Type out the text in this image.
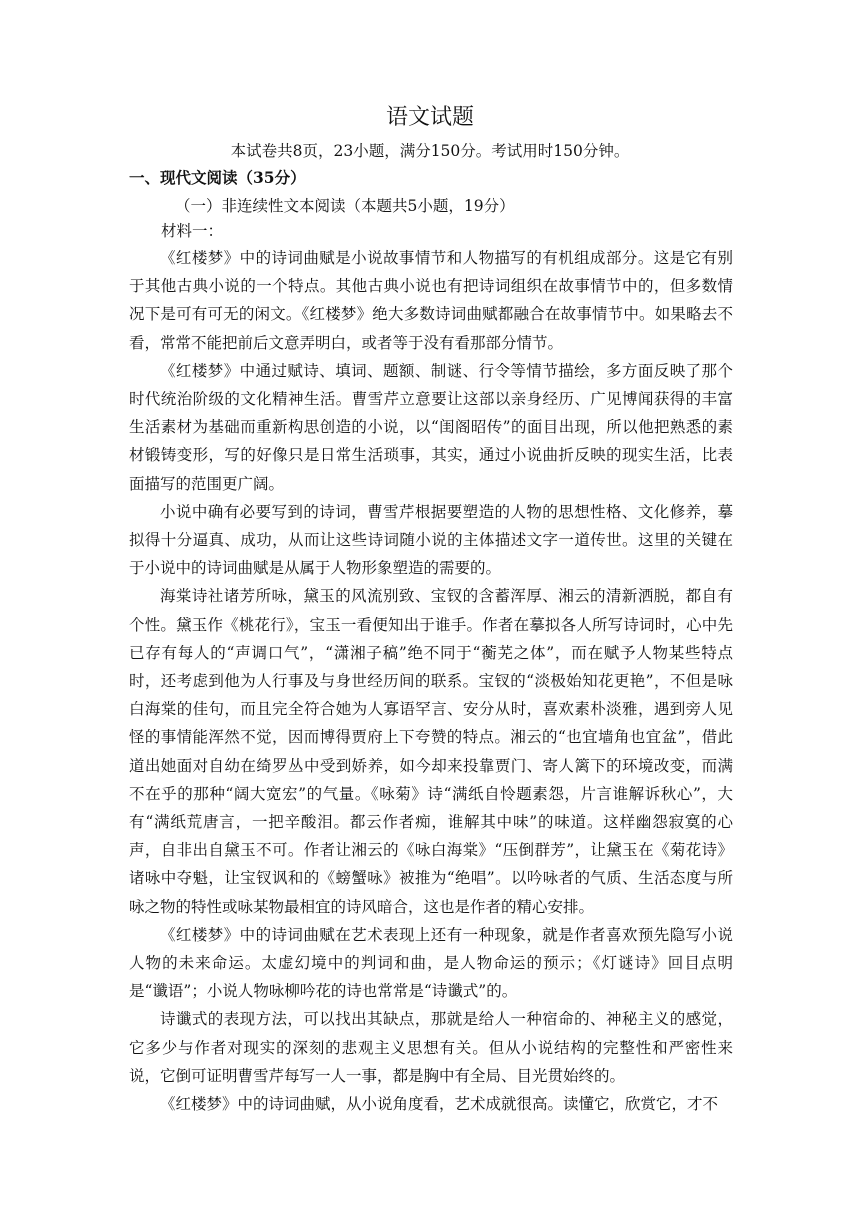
语文试题
本试卷共8页，23小题，满分150分。考试用时150分钟。
一、现代文阅读（35分）
（一）非连续性文本阅读（本题共5小题，19分）
材料一：

《红楼梦》中的诗词曲赋是小说故事情节和人物描写的有机组成部分。这是它有别于其他古典小说的一个特点。其他古典小说也有把诗词组织在故事情节中的，但多数情况下是可有可无的闲文。《红楼梦》绝大多数诗词曲赋都融合在故事情节中。如果略去不看，常常不能把前后文意弄明白，或者等于没有看那部分情节。

《红楼梦》中通过赋诗、填词、题额、制谜、行令等情节描绘，多方面反映了那个时代统治阶级的文化精神生活。曹雪芹立意要让这部以亲身经历、广见博闻获得的丰富生活素材为基础而重新构思创造的小说，以“闺阁昭传”的面目出现，所以他把熟悉的素材锻铸变形，写的好像只是日常生活琐事，其实，通过小说曲折反映的现实生活，比表面描写的范围更广阔。

小说中确有必要写到的诗词，曹雪芹根据要塑造的人物的思想性格、文化修养，摹拟得十分逼真、成功，从而让这些诗词随小说的主体描述文字一道传世。这里的关键在于小说中的诗词曲赋是从属于人物形象塑造的需要的。

海棠诗社诸芳所咏，黛玉的风流别致、宝钗的含蓄浑厚、湘云的清新洒脱，都自有个性。黛玉作《桃花行》，宝玉一看便知出于谁手。作者在摹拟各人所写诗词时，心中先已存有每人的“声调口气”，“潇湘子稿”绝不同于“蘅芜之体”，而在赋予人物某些特点时，还考虑到他为人行事及与身世经历间的联系。宝钗的“淡极始知花更艳”，不但是咏白海棠的佳句，而且完全符合她为人寡语罕言、安分从时，喜欢素朴淡雅，遇到旁人见怪的事情能浑然不觉，因而博得贾府上下夸赞的特点。湘云的“也宜墙角也宜盆”，借此道出她面对自幼在绮罗丛中受到娇养，如今却来投靠贾门、寄人篱下的环境改变，而满不在乎的那种“阔大宽宏”的气量。《咏菊》诗“满纸自怜题素怨，片言谁解诉秋心”，大有“满纸荒唐言，一把辛酸泪。都云作者痴，谁解其中味”的味道。这样幽怨寂寞的心声，自非出自黛玉不可。作者让湘云的《咏白海棠》“压倒群芳”，让黛玉在《菊花诗》诸咏中夺魁，让宝钗讽和的《螃蟹咏》被推为“绝唱”。以吟咏者的气质、生活态度与所咏之物的特性或咏某物最相宜的诗风暗合，这也是作者的精心安排。

《红楼梦》中的诗词曲赋在艺术表现上还有一种现象，就是作者喜欢预先隐写小说人物的未来命运。太虚幻境中的判词和曲，是人物命运的预示；《灯谜诗》回目点明是“谶语”；小说人物咏柳吟花的诗也常常是“诗谶式”的。

诗谶式的表现方法，可以找出其缺点，那就是给人一种宿命的、神秘主义的感觉，它多少与作者对现实的深刻的悲观主义思想有关。但从小说结构的完整性和严密性来说，它倒可证明曹雪芹每写一人一事，都是胸中有全局、目光贯始终的。

《红楼梦》中的诗词曲赋，从小说角度看，艺术成就很高。读懂它，欣赏它，才不
